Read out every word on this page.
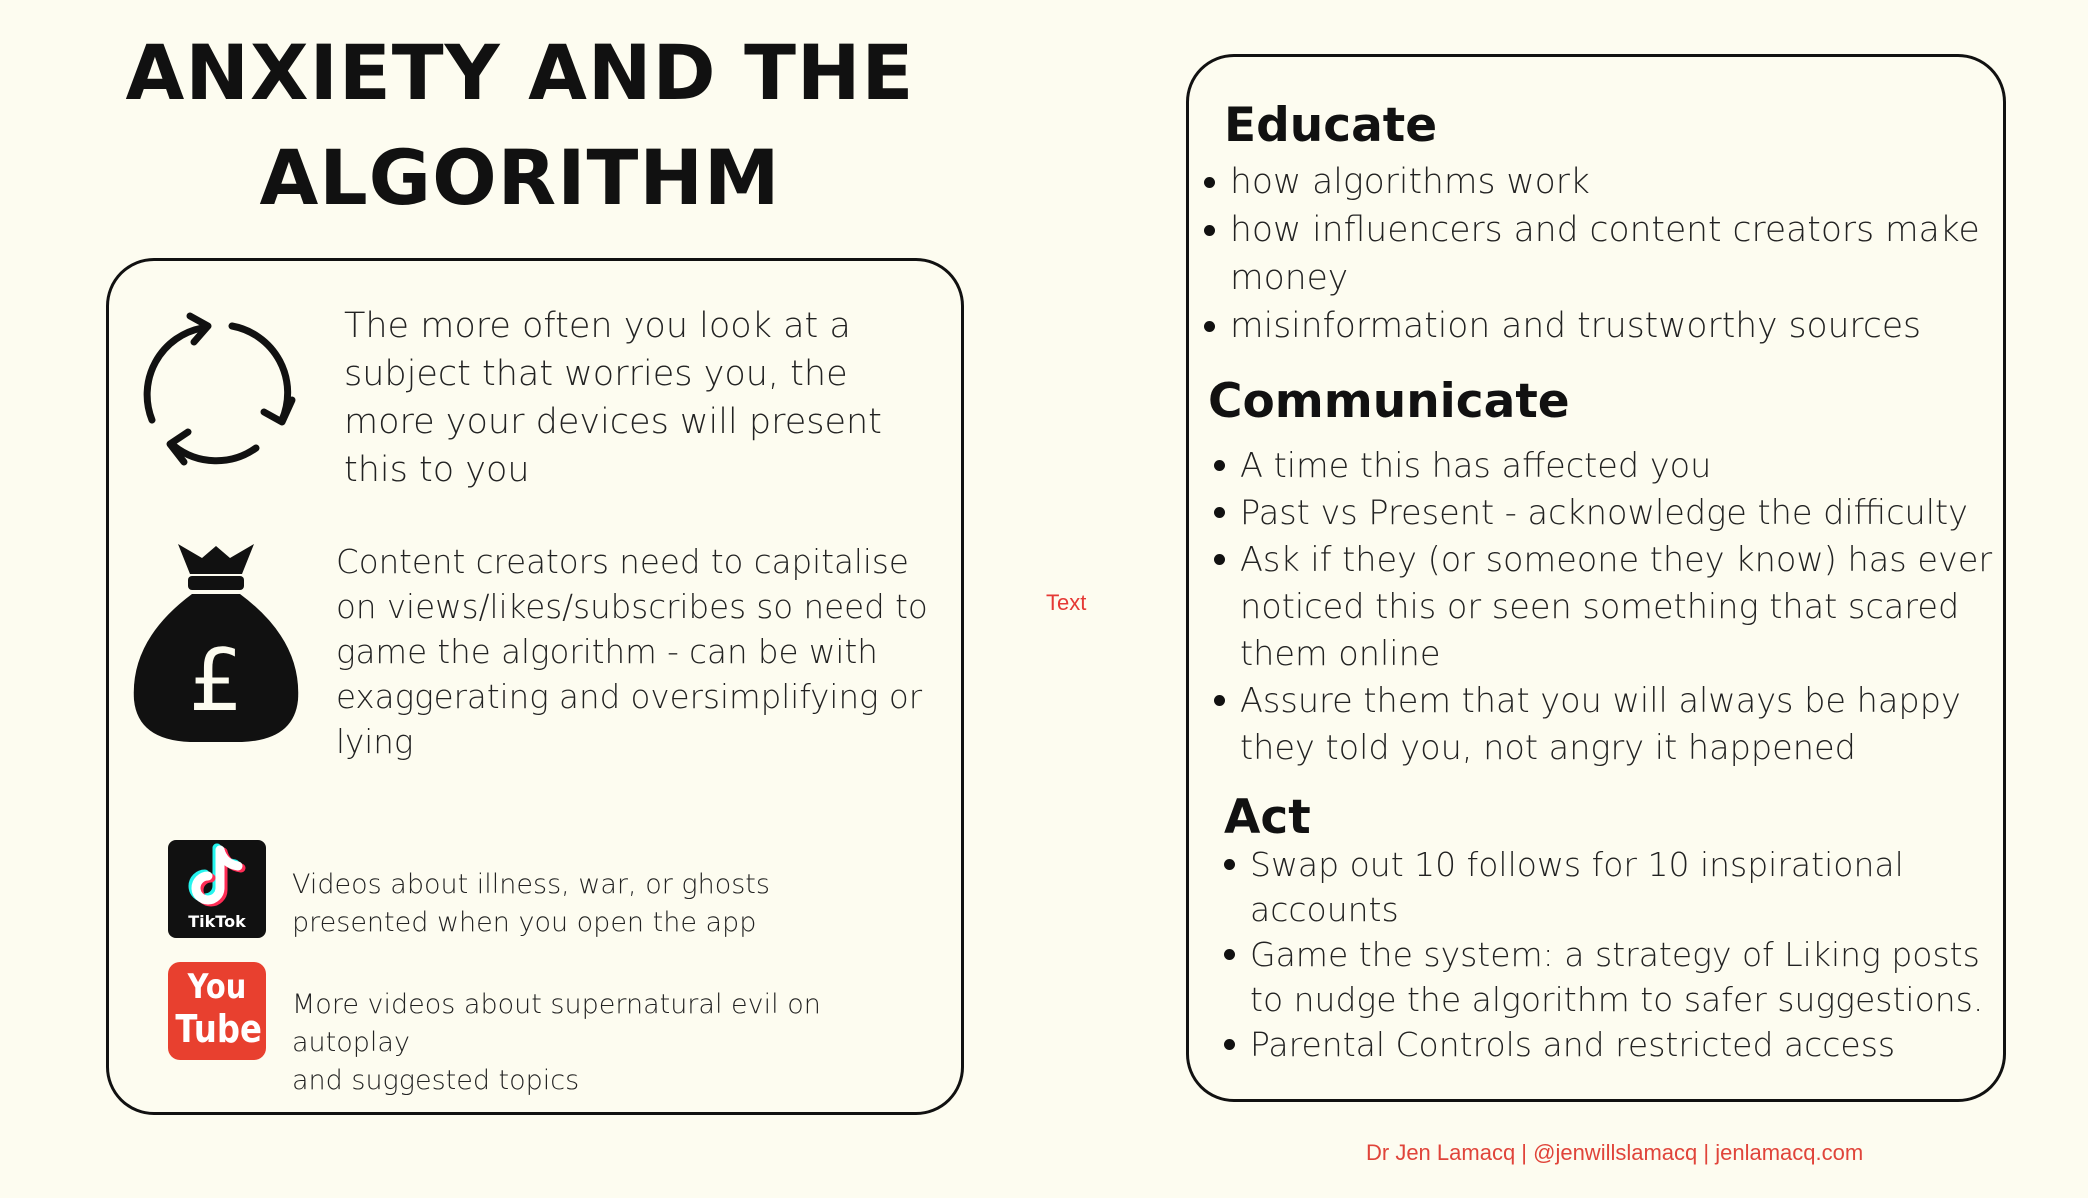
ANXIETY AND THE
ALGORITHM
The more often you look at a subject that worries you, the more your devices will present this to you
£
Content creators need to capitalise on views/likes/subscribes so need to game the algorithm - can be with exaggerating and oversimplifying or lying
TikTok
Videos about illness, war, or ghosts
presented when you open the app
You
Tube
More videos about supernatural evil on autoplay
and suggested topics
Educate
how algorithms work
how influencers and content creators make money
misinformation and trustworthy sources
Communicate
A time this has affected you
Past vs Present - acknowledge the difficulty
Ask if they (or someone they know) has ever noticed this or seen something that scared them online
Assure them that you will always be happy they told you, not angry it happened
Act
Swap out 10 follows for 10 inspirational accounts
Game the system: a strategy of Liking posts to nudge the algorithm to safer suggestions.
Parental Controls and restricted access
Text
Dr Jen Lamacq | @jenwillslamacq | jenlamacq.com
